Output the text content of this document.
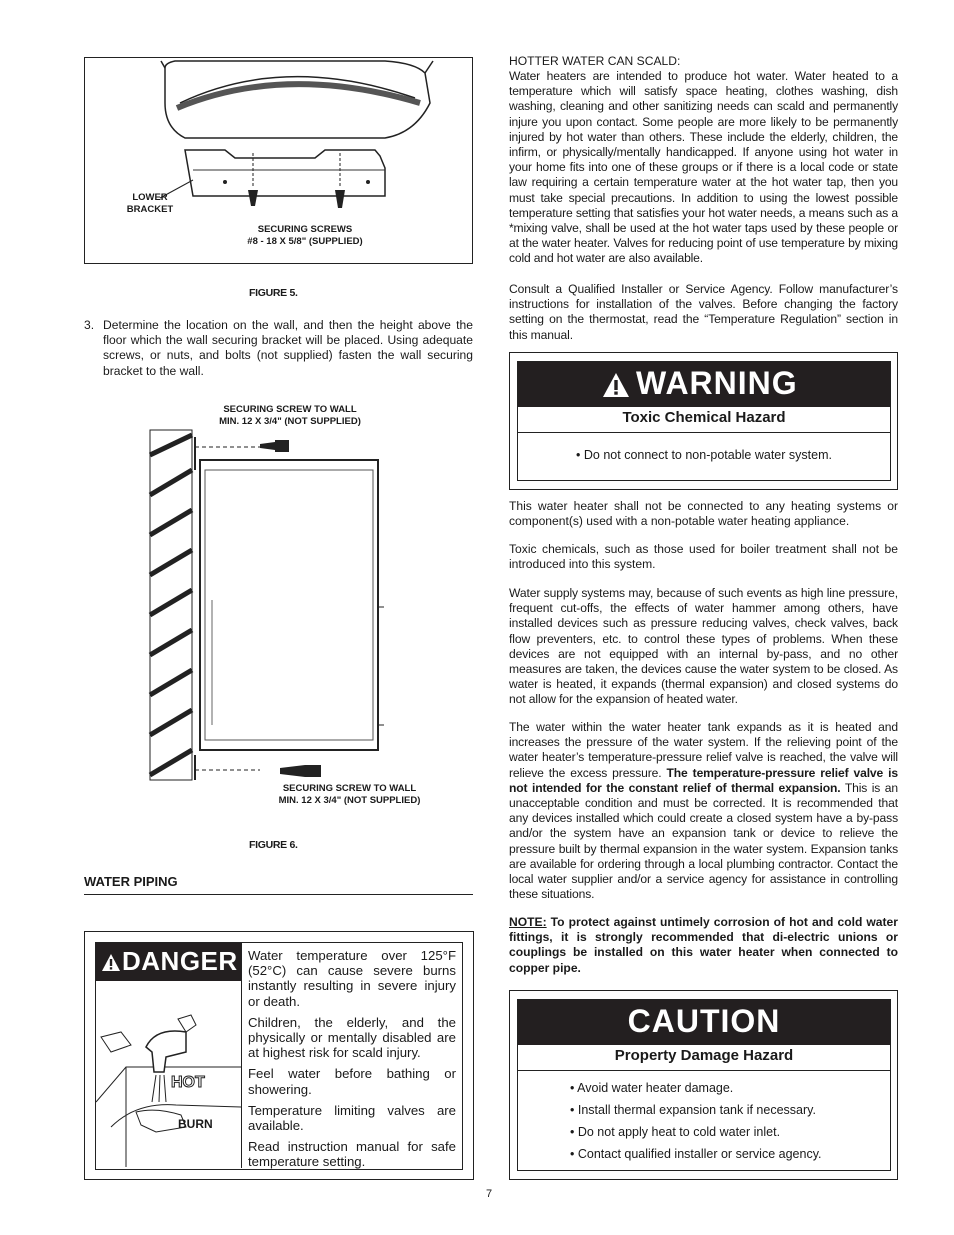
LOWER
BRACKET
SECURING SCREWS
#8 - 18 X 5/8" (SUPPLIED)
FIGURE 5.
3. Determine the location on the wall, and then the height above the floor which the wall securing bracket will be placed. Using adequate screws, or nuts, and bolts (not supplied) fasten the wall securing bracket to the wall.

SECURING SCREW TO WALL
MIN. 12 X 3/4" (NOT SUPPLIED)
SECURING SCREW TO WALL
MIN. 12 X 3/4" (NOT SUPPLIED)
FIGURE 6.
WATER PIPING
DANGER
HOT
BURN

Water temperature over 125°F (52°C) can cause severe burns instantly resulting in severe injury or death.

Children, the elderly, and the physically or mentally disabled are at highest risk for scald injury.

Feel water before bathing or showering.

Temperature limiting valves are available.

Read instruction manual for safe temperature setting.

HOTTER WATER CAN SCALD:

Water heaters are intended to produce hot water. Water heated to a temperature which will satisfy space heating, clothes washing, dish washing, cleaning and other sanitizing needs can scald and permanently injure you upon contact. Some people are more likely to be permanently injured by hot water than others. These include the elderly, children, the infirm, or physically/mentally handicapped. If anyone using hot water in your home fits into one of these groups or if there is a local code or state law requiring a certain temperature water at the hot water tap, then you must take special precautions. In addition to using the lowest possible temperature setting that satisfies your hot water needs, a means such as a *mixing valve, shall be used at the hot water taps used by these people or at the water heater. Valves for reducing point of use temperature by mixing cold and hot water are also available.

Consult a Qualified Installer or Service Agency. Follow manufacturer’s instructions for installation of the valves. Before changing the factory setting on the thermostat, read the “Temperature Regulation” section in this manual.

WARNING
Toxic Chemical Hazard
• Do not connect to non-potable water system.

This water heater shall not be connected to any heating systems or component(s) used with a non-potable water heating appliance.

Toxic chemicals, such as those used for boiler treatment shall not be introduced into this system.

Water supply systems may, because of such events as high line pressure, frequent cut-offs, the effects of water hammer among others, have installed devices such as pressure reducing valves, check valves, back flow preventers, etc. to control these types of problems. When these devices are not equipped with an internal by-pass, and no other measures are taken, the devices cause the water system to be closed. As water is heated, it expands (thermal expansion) and closed systems do not allow for the expansion of heated water.

The water within the water heater tank expands as it is heated and increases the pressure of the water system. If the relieving point of the water heater’s temperature-pressure relief valve is reached, the valve will relieve the excess pressure. The temperature-pressure relief valve is not intended for the constant relief of thermal expansion. This is an unacceptable condition and must be corrected. It is recommended that any devices installed which could create a closed system have a by-pass and/or the system have an expansion tank or device to relieve the pressure built by thermal expansion in the water system. Expansion tanks are available for ordering through a local plumbing contractor. Contact the local water supplier and/or a service agency for assistance in controlling these situations.

NOTE: To protect against untimely corrosion of hot and cold water fittings, it is strongly recommended that di-electric unions or couplings be installed on this water heater when connected to copper pipe.

CAUTION
Property Damage Hazard
• Avoid water heater damage.
• Install thermal expansion tank if necessary.
• Do not apply heat to cold water inlet.
• Contact qualified installer or service agency.
7
